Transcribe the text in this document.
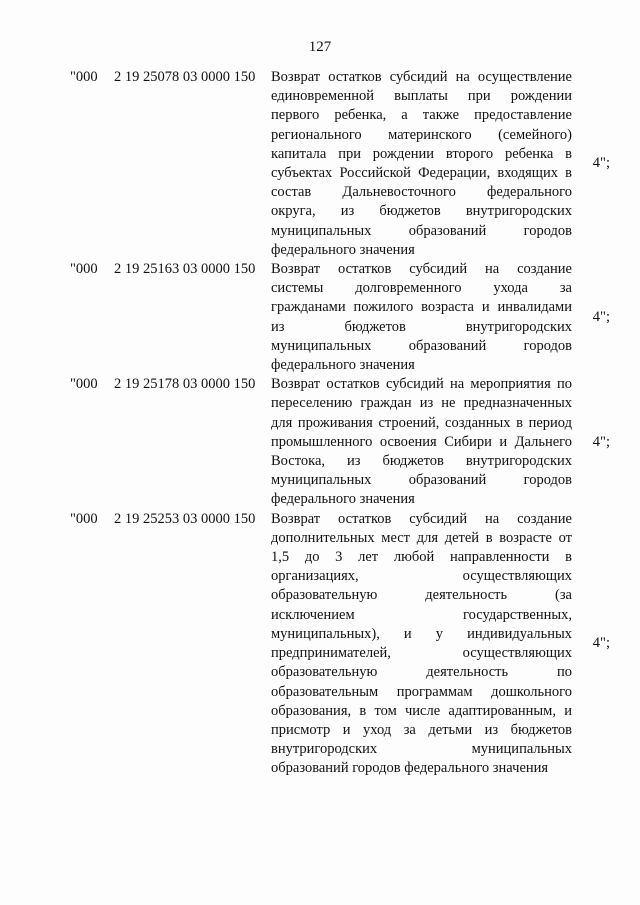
127
"000	2 19 25078 03 0000 150	Возврат остатков субсидий на осуществление
единовременной выплаты при рождении
первого ребенка, а также предоставление
регионального материнского (семейного)
капитала при рождении второго ребенка в
субъектах Российской Федерации, входящих в
состав Дальневосточного федерального
округа, из бюджетов внутригородских
муниципальных образований городов
федерального значения
4";
"000	2 19 25163 03 0000 150	Возврат остатков субсидий на создание
системы долговременного ухода за
гражданами пожилого возраста и инвалидами
из бюджетов внутригородских
муниципальных образований городов
федерального значения
4";
"000	2 19 25178 03 0000 150	Возврат остатков субсидий на мероприятия по
переселению граждан из не предназначенных
для проживания строений, созданных в период
промышленного освоения Сибири и Дальнего
Востока, из бюджетов внутригородских
муниципальных образований городов
федерального значения
4";
"000	2 19 25253 03 0000 150	Возврат остатков субсидий на создание
дополнительных мест для детей в возрасте от
1,5 до 3 лет любой направленности в
организациях, осуществляющих
образовательную деятельность (за
исключением государственных,
муниципальных), и у индивидуальных
предпринимателей, осуществляющих
образовательную деятельность по
образовательным программам дошкольного
образования, в том числе адаптированным, и
присмотр и уход за детьми из бюджетов
внутригородских муниципальных
образований городов федерального значения
4";
